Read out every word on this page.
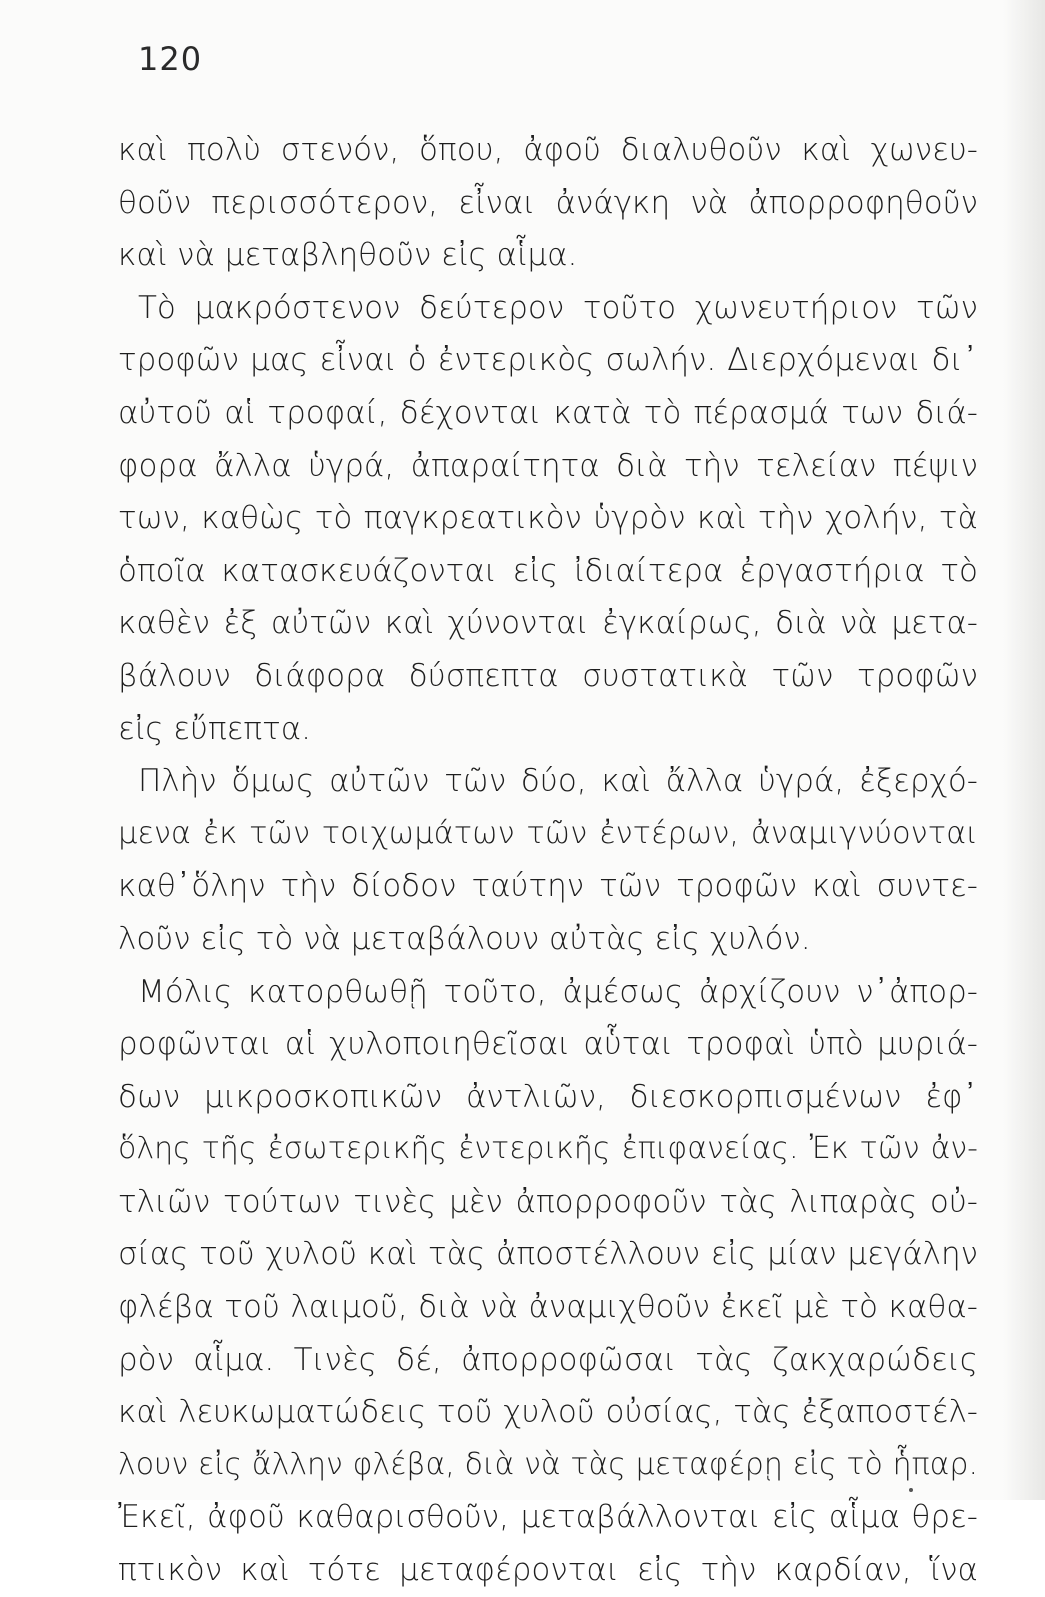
120
καὶ πολὺ στενόν, ὅπου, ἀφοῦ διαλυθοῦν καὶ χωνευ-
θοῦν περισσότερον, εἶναι ἀνάγκη νὰ ἀπορροφηθοῦν
καὶ νὰ μεταβληθοῦν εἰς αἷμα.
Τὸ μακρόστενον δεύτερον τοῦτο χωνευτήριον τῶν
τροφῶν μας εἶναι ὁ ἐντερικὸς σωλήν. Διερχόμεναι δι᾽
αὐτοῦ αἱ τροφαί, δέχονται κατὰ τὸ πέρασμά των διά-
φορα ἄλλα ὑγρά, ἀπαραίτητα διὰ τὴν τελείαν πέψιν
των, καθὼς τὸ παγκρεατικὸν ὑγρὸν καὶ τὴν χολήν, τὰ
ὁποῖα κατασκευάζονται εἰς ἰδιαίτερα ἐργαστήρια τὸ
καθὲν ἐξ αὐτῶν καὶ χύνονται ἐγκαίρως, διὰ νὰ μετα-
βάλουν διάφορα δύσπεπτα συστατικὰ τῶν τροφῶν
εἰς εὔπεπτα.
Πλὴν ὅμως αὐτῶν τῶν δύο, καὶ ἄλλα ὑγρά, ἐξερχό-
μενα ἐκ τῶν τοιχωμάτων τῶν ἐντέρων, ἀναμιγνύονται
καθ᾽ὅλην τὴν δίοδον ταύτην τῶν τροφῶν καὶ συντε-
λοῦν εἰς τὸ νὰ μεταβάλουν αὐτὰς εἰς χυλόν.
Μόλις κατορθωθῇ τοῦτο, ἀμέσως ἀρχίζουν ν᾽ἀπορ-
ροφῶνται αἱ χυλοποιηθεῖσαι αὗται τροφαὶ ὑπὸ μυριά-
δων μικροσκοπικῶν ἀντλιῶν, διεσκορπισμένων ἐφ᾽
ὅλης τῆς ἐσωτερικῆς ἐντερικῆς ἐπιφανείας. Ἐκ τῶν ἀν-
τλιῶν τούτων τινὲς μὲν ἀπορροφοῦν τὰς λιπαρὰς οὐ-
σίας τοῦ χυλοῦ καὶ τὰς ἀποστέλλουν εἰς μίαν μεγάλην
φλέβα τοῦ λαιμοῦ, διὰ νὰ ἀναμιχθοῦν ἐκεῖ μὲ τὸ καθα-
ρὸν αἷμα. Τινὲς δέ, ἀπορροφῶσαι τὰς ζακχαρώδεις
καὶ λευκωματώδεις τοῦ χυλοῦ οὐσίας, τὰς ἐξαποστέλ-
λουν εἰς ἄλλην φλέβα, διὰ νὰ τὰς μεταφέρῃ εἰς τὸ ἧπαρ.
Ἐκεῖ, ἀφοῦ καθαρισθοῦν, μεταβάλλονται εἰς αἷμα θρε-
πτικὸν καὶ τότε μεταφέρονται εἰς τὴν καρδίαν, ἵνα
